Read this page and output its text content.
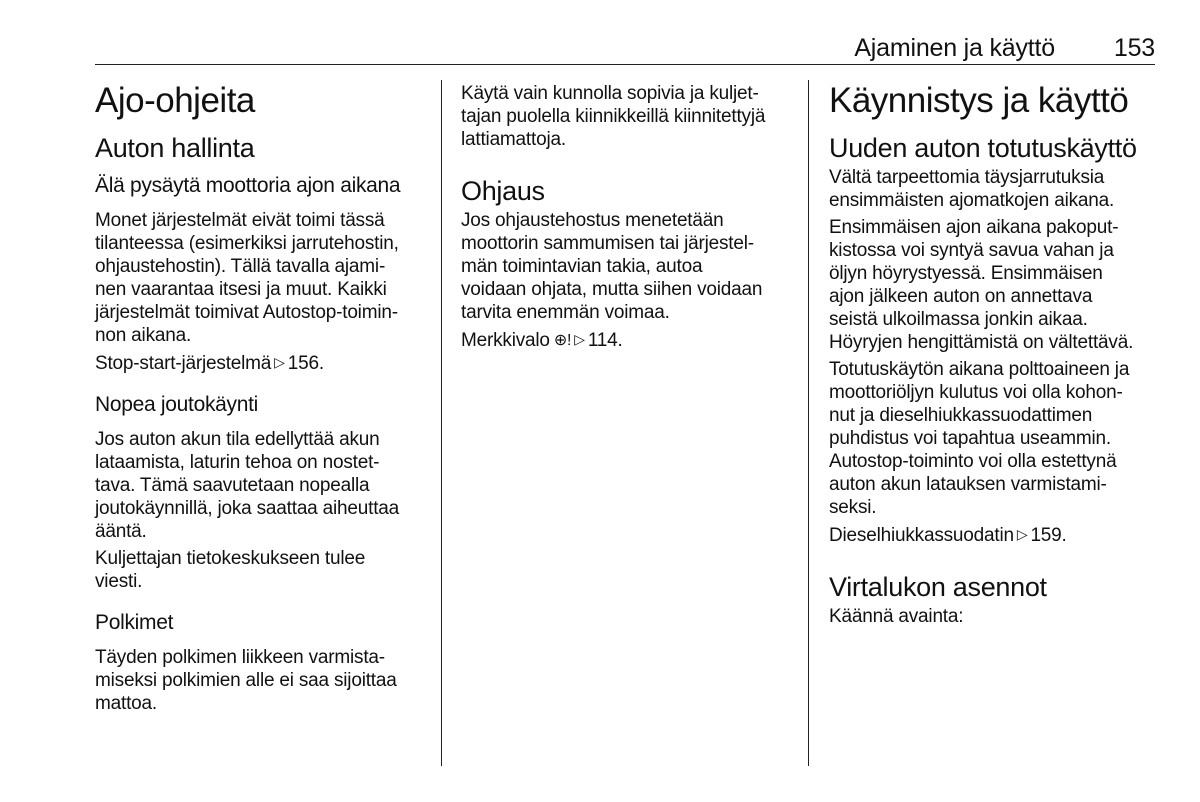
Ajaminen ja käyttö 153
Ajo-ohjeita
Auton hallinta
Älä pysäytä moottoria ajon aikana

Monet järjestelmät eivät toimi tässä
tilanteessa (esimerkiksi jarrutehostin,
ohjaustehostin). Tällä tavalla ajami-
nen vaarantaa itsesi ja muut. Kaikki
järjestelmät toimivat Autostop-toimin-
non aikana.

Stop-start-järjestelmä ▷ 156.

Nopea joutokäynti

Jos auton akun tila edellyttää akun
lataamista, laturin tehoa on nostet-
tava. Tämä saavutetaan nopealla
joutokäynnillä, joka saattaa aiheuttaa
ääntä.

Kuljettajan tietokeskukseen tulee
viesti.

Polkimet

Täyden polkimen liikkeen varmista-
miseksi polkimien alle ei saa sijoittaa
mattoa.

Käytä vain kunnolla sopivia ja kuljet-
tajan puolella kiinnikkeillä kiinnitettyjä
lattiamattoja.

Ohjaus

Jos ohjaustehostus menetetään
moottorin sammumisen tai järjestel-
män toimintavian takia, autoa
voidaan ohjata, mutta siihen voidaan
tarvita enemmän voimaa.

Merkkivalo ⊕! ▷ 114.

Käynnistys ja käyttö
Uuden auton totutuskäyttö

Vältä tarpeettomia täysjarrutuksia
ensimmäisten ajomatkojen aikana.

Ensimmäisen ajon aikana pakoput-
kistossa voi syntyä savua vahan ja
öljyn höyrystyessä. Ensimmäisen
ajon jälkeen auton on annettava
seistä ulkoilmassa jonkin aikaa.
Höyryjen hengittämistä on vältettävä.

Totutuskäytön aikana polttoaineen ja
moottoriöljyn kulutus voi olla kohon-
nut ja dieselhiukkassuodattimen
puhdistus voi tapahtua useammin.
Autostop-toiminto voi olla estettynä
auton akun latauksen varmistami-
seksi.

Dieselhiukkassuodatin ▷ 159.

Virtalukon asennot

Käännä avainta:
